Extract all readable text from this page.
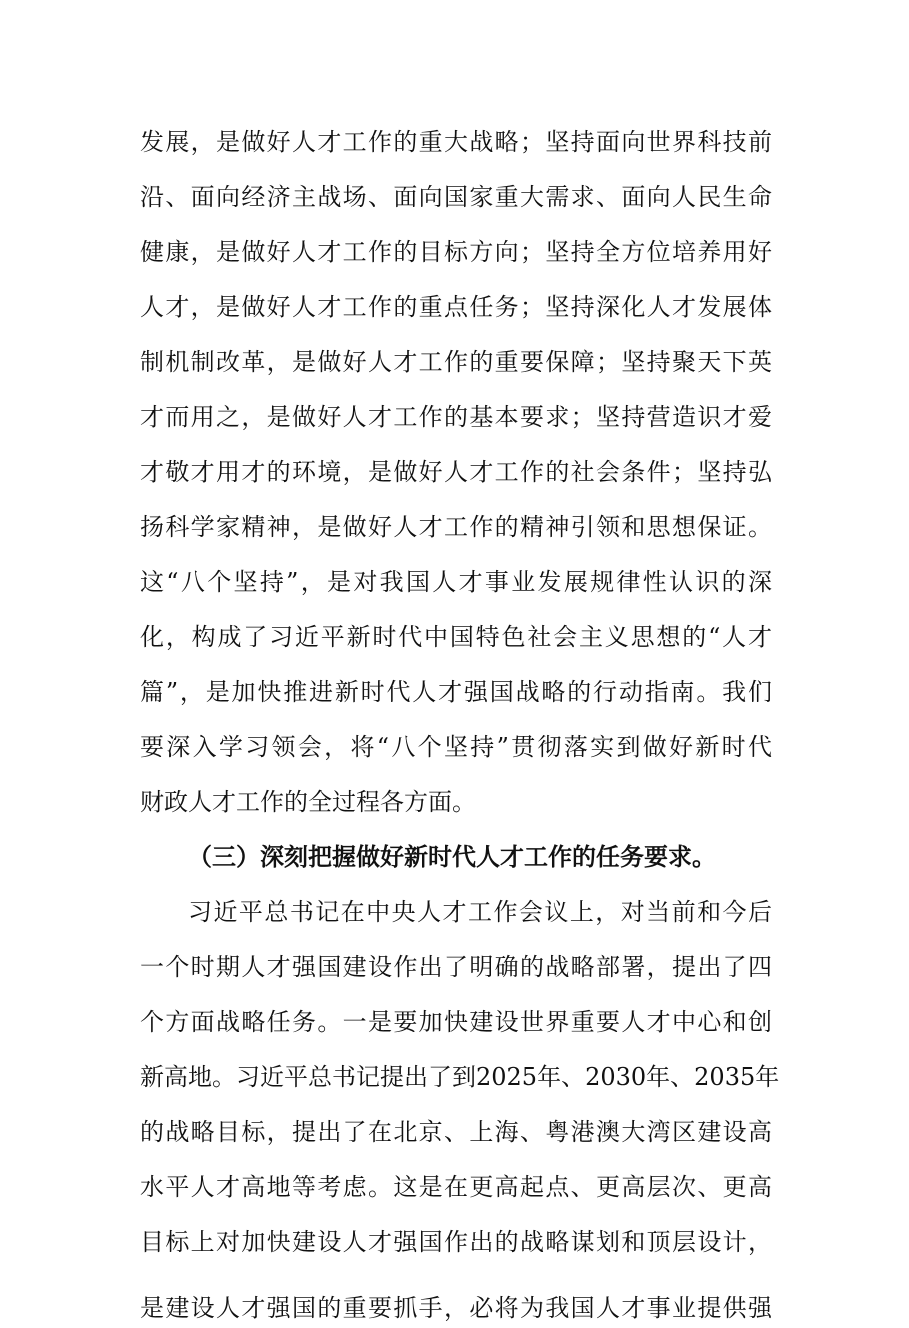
发展，是做好人才工作的重大战略；坚持面向世界科技前
沿、面向经济主战场、面向国家重大需求、面向人民生命
健康，是做好人才工作的目标方向；坚持全方位培养用好
人才，是做好人才工作的重点任务；坚持深化人才发展体
制机制改革，是做好人才工作的重要保障；坚持聚天下英
才而用之，是做好人才工作的基本要求；坚持营造识才爱
才敬才用才的环境，是做好人才工作的社会条件；坚持弘
扬科学家精神，是做好人才工作的精神引领和思想保证。
这“八个坚持”，是对我国人才事业发展规律性认识的深
化，构成了习近平新时代中国特色社会主义思想的“人才
篇”，是加快推进新时代人才强国战略的行动指南。我们
要深入学习领会，将“八个坚持”贯彻落实到做好新时代
财政人才工作的全过程各方面。
（三）深刻把握做好新时代人才工作的任务要求。
习近平总书记在中央人才工作会议上，对当前和今后
一个时期人才强国建设作出了明确的战略部署，提出了四
个方面战略任务。一是要加快建设世界重要人才中心和创
新高地。习近平总书记提出了到2025年、2030年、2035年
的战略目标，提出了在北京、上海、粤港澳大湾区建设高
水平人才高地等考虑。这是在更高起点、更高层次、更高
目标上对加快建设人才强国作出的战略谋划和顶层设计，
是建设人才强国的重要抓手，必将为我国人才事业提供强
